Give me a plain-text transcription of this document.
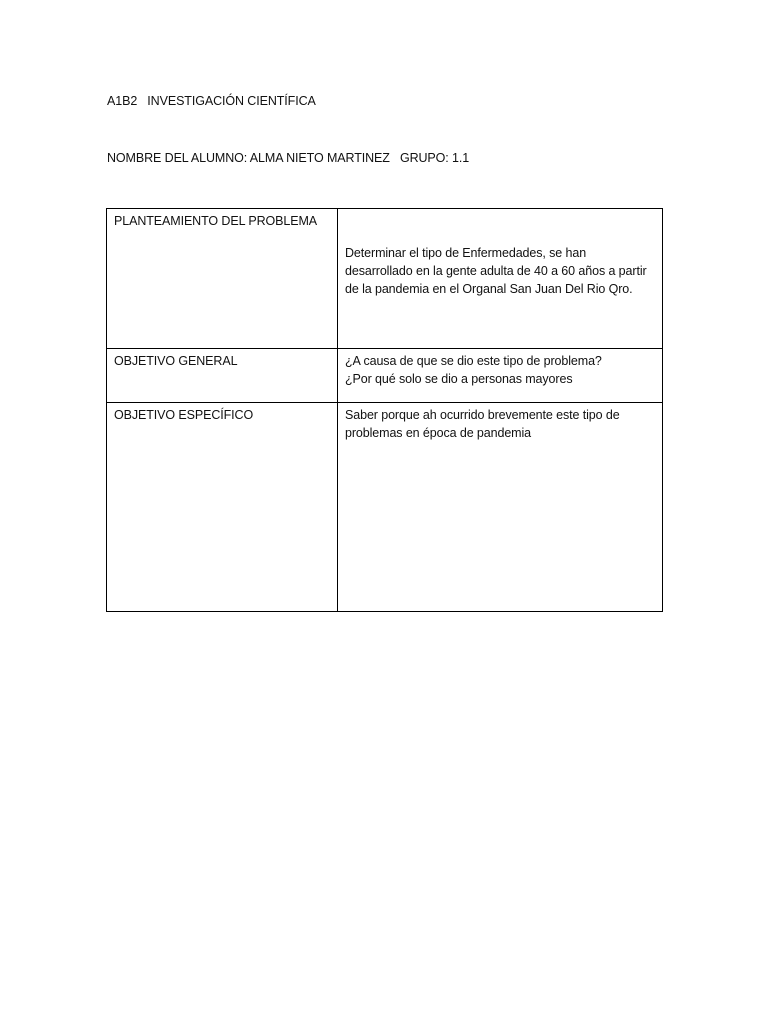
A1B2   INVESTIGACIÓN CIENTÍFICA
NOMBRE DEL ALUMNO: ALMA NIETO MARTINEZ   GRUPO: 1.1
PLANTEAMIENTO DEL PROBLEMA	Determinar el tipo de Enfermedades, se han
desarrollado en la gente adulta de 40 a 60 años a partir
de la pandemia en el Organal San Juan Del Rio Qro.

OBJETIVO GENERAL	¿A causa de que se dio este tipo de problema?
¿Por qué solo se dio a personas mayores

OBJETIVO ESPECÍFICO	Saber porque ah ocurrido brevemente este tipo de
problemas en época de pandemia
